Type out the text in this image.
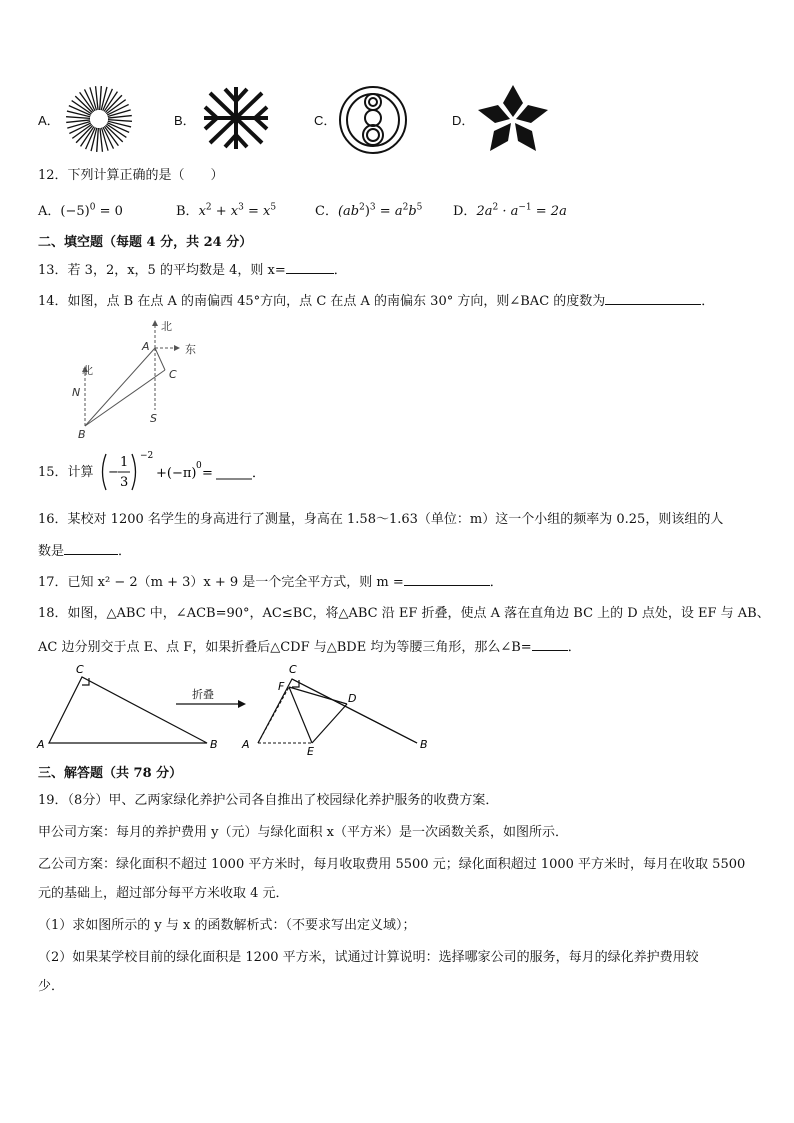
A．	B．	C．	D．
12．下列计算正确的是（　　）
A．$(-5)^0 = 0$	B．$x^2 + x^3 = x^5$	C．$(ab^2)^3 = a^2b^5$ D．$2a^2 \cdot a^{-1} = 2a$
二、填空题（每题 4 分，共 24 分）
13．若 3，2，x，5 的平均数是 4，则 x=	．
14．如图，点 B 在点 A 的南偏西 45°方向，点 C 在点 A 的南偏东 30° 方向，则∠BAC 的度数为	．
北
东
A
C
B
N
S
北
15．计算 −
1
3
−2
+(−π) 0 =	．
16．某校对 1200 名学生的身高进行了测量，身高在 1.58～1.63（单位：m）这一个小组的频率为 0.25，则该组的人
数是	．
17．已知 x² − 2（m + 3）x + 9 是一个完全平方式，则 m =	．
18．如图，△ABC 中，∠ACB=90°，AC≤BC，将△ABC 沿 EF 折叠，使点 A 落在直角边 BC 上的 D 点处，设 EF 与 AB、
AC 边分别交于点 E、点 F，如果折叠后△CDF 与△BDE 均为等腰三角形，那么∠B=	．
折叠
C
A	B
C
F
D
A
E
B
三、解答题（共 78 分）
19．（8分）甲、乙两家绿化养护公司各自推出了校园绿化养护服务的收费方案．
甲公司方案：每月的养护费用 y（元）与绿化面积 x（平方米）是一次函数关系，如图所示．
乙公司方案：绿化面积不超过 1000 平方米时，每月收取费用 5500 元；绿化面积超过 1000 平方米时，每月在收取 5500
元的基础上，超过部分每平方米收取 4 元．
（1）求如图所示的 y 与 x 的函数解析式：（不要求写出定义域）；
（2）如果某学校目前的绿化面积是 1200 平方米，试通过计算说明：选择哪家公司的服务，每月的绿化养护费用较
少．
